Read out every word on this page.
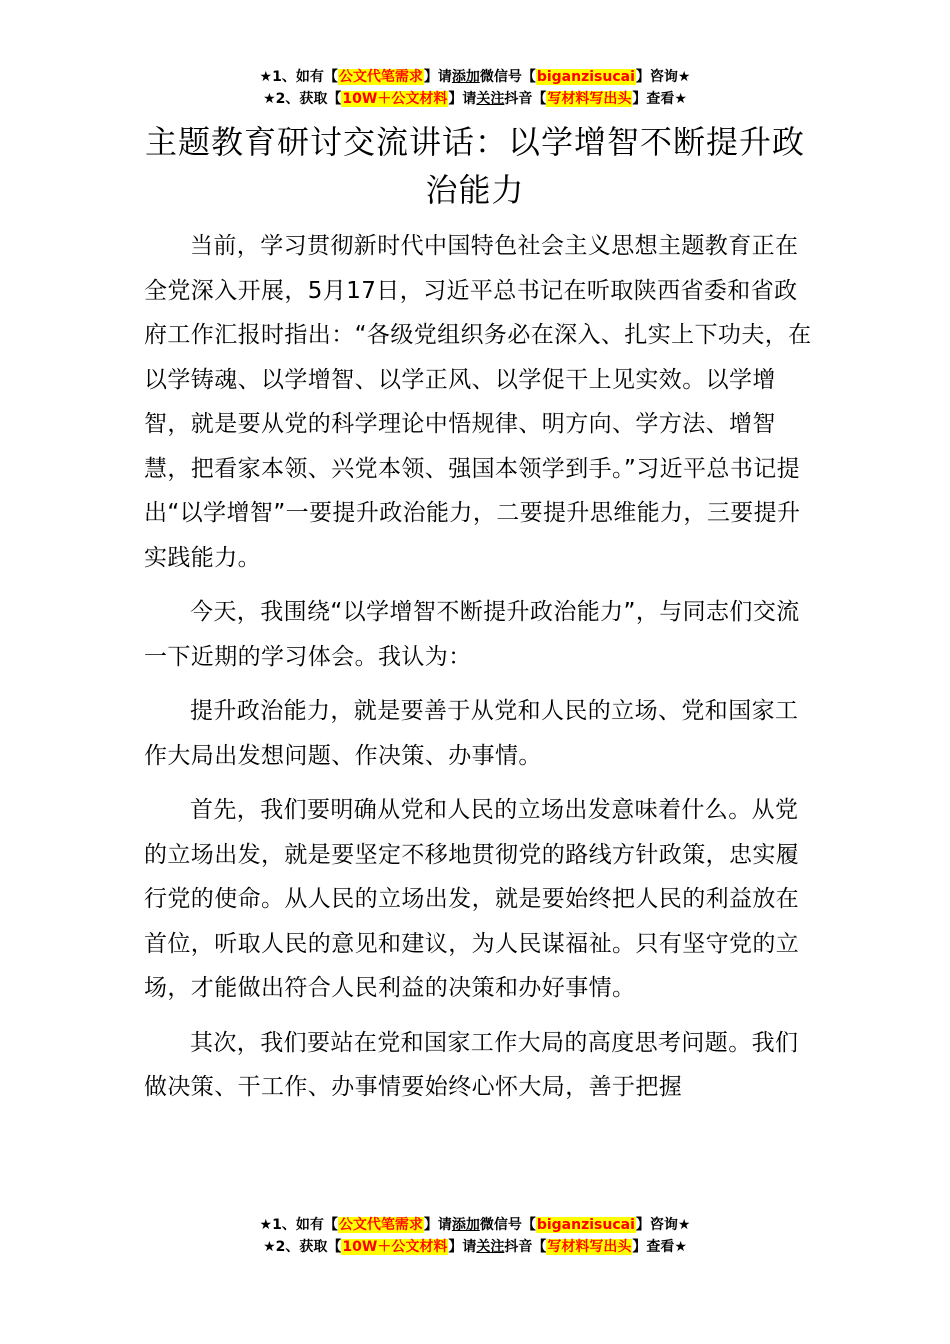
★1、如有【公文代笔需求】请添加微信号【biganzisucai】咨询★
★2、获取【10W＋公文材料】请关注抖音【写材料写出头】查看★
主题教育研讨交流讲话：以学增智不断提升政治能力

当前，学习贯彻新时代中国特色社会主义思想主题教育正在全党深入开展，5月17日，习近平总书记在听取陕西省委和省政府工作汇报时指出：“各级党组织务必在深入、扎实上下功夫，在以学铸魂、以学增智、以学正风、以学促干上见实效。以学增智，就是要从党的科学理论中悟规律、明方向、学方法、增智慧，把看家本领、兴党本领、强国本领学到手。”习近平总书记提出“以学增智”一要提升政治能力，二要提升思维能力，三要提升实践能力。

今天，我围绕“以学增智不断提升政治能力”，与同志们交流一下近期的学习体会。我认为：

提升政治能力，就是要善于从党和人民的立场、党和国家工作大局出发想问题、作决策、办事情。

首先，我们要明确从党和人民的立场出发意味着什么。从党的立场出发，就是要坚定不移地贯彻党的路线方针政策，忠实履行党的使命。从人民的立场出发，就是要始终把人民的利益放在首位，听取人民的意见和建议，为人民谋福祉。只有坚守党的立场，才能做出符合人民利益的决策和办好事情。

其次，我们要站在党和国家工作大局的高度思考问题。我们做决策、干工作、办事情要始终心怀大局，善于把握

★1、如有【公文代笔需求】请添加微信号【biganzisucai】咨询★
★2、获取【10W＋公文材料】请关注抖音【写材料写出头】查看★
